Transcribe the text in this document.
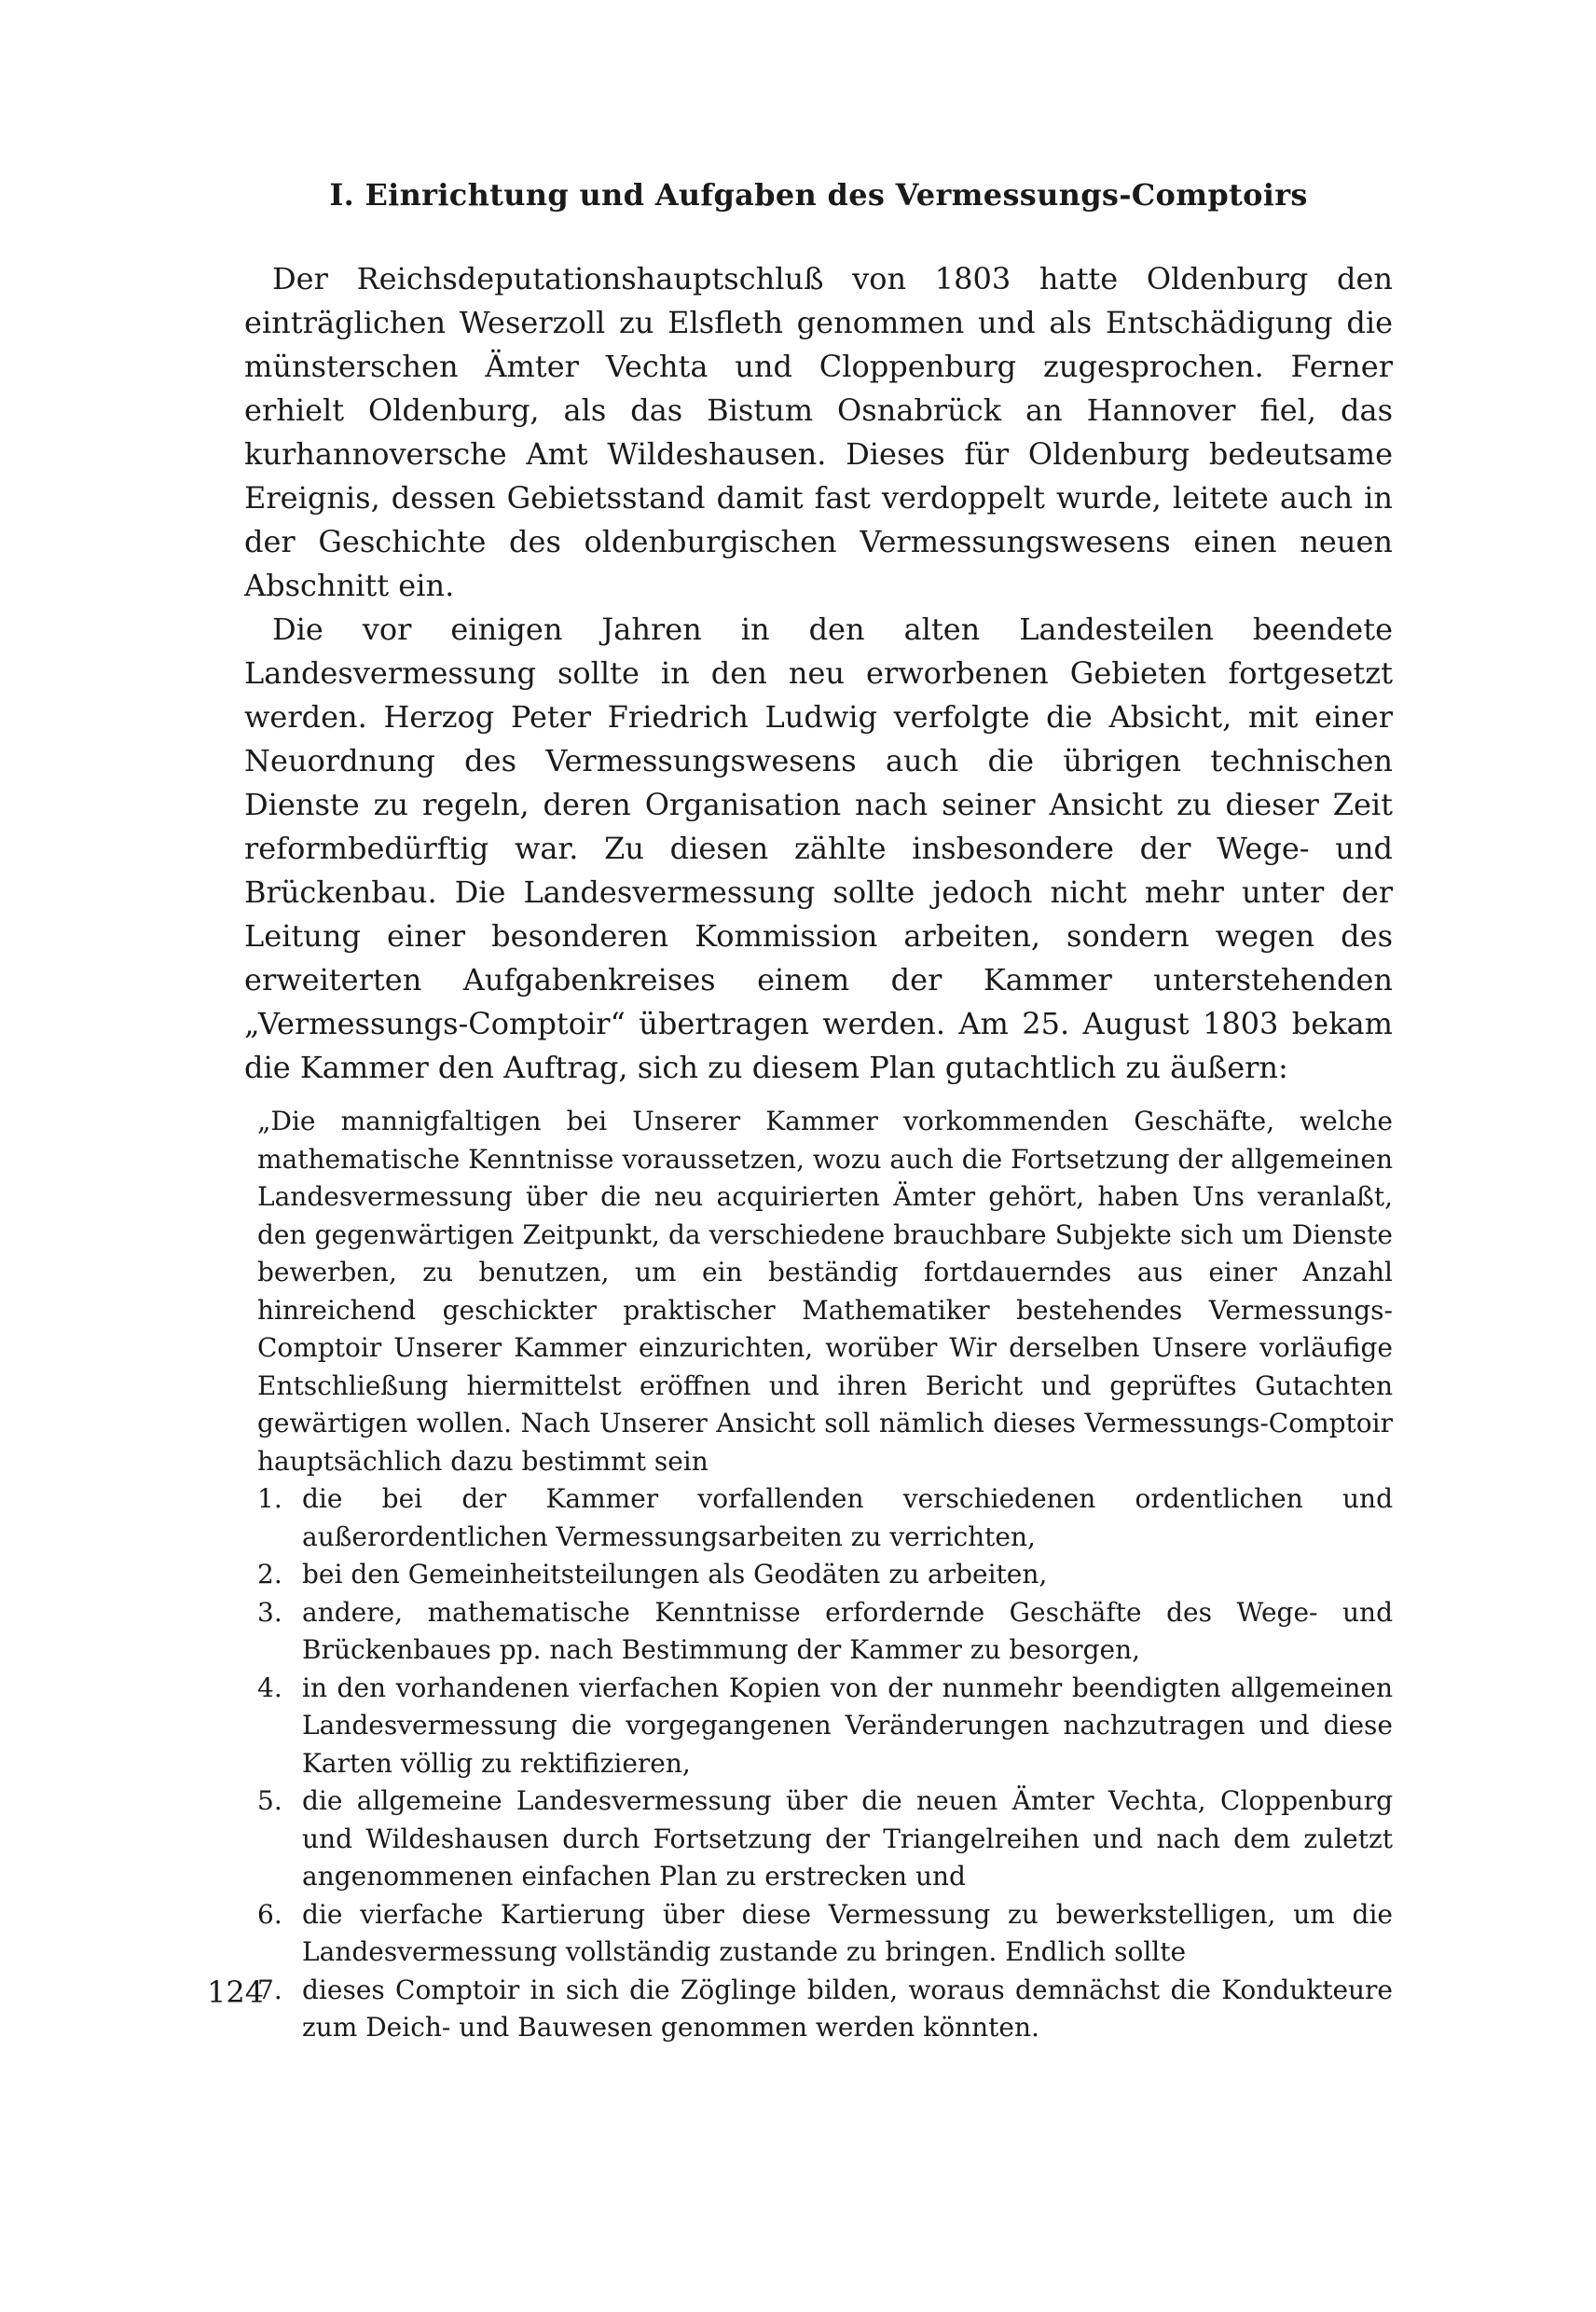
I. Einrichtung und Aufgaben des Vermessungs-Comptoirs

Der Reichsdeputationshauptschluß von 1803 hatte Oldenburg den einträglichen Weserzoll zu Elsfleth genommen und als Entschädigung die münsterschen Ämter Vechta und Cloppenburg zugesprochen. Ferner erhielt Oldenburg, als das Bistum Osnabrück an Hannover fiel, das kurhannoversche Amt Wildeshausen. Dieses für Oldenburg bedeutsame Ereignis, dessen Gebietsstand damit fast verdoppelt wurde, leitete auch in der Geschichte des oldenburgischen Vermessungswesens einen neuen Abschnitt ein.

Die vor einigen Jahren in den alten Landesteilen beendete Landesvermessung sollte in den neu erworbenen Gebieten fortgesetzt werden. Herzog Peter Friedrich Ludwig verfolgte die Absicht, mit einer Neuordnung des Vermessungswesens auch die übrigen technischen Dienste zu regeln, deren Organisation nach seiner Ansicht zu dieser Zeit reformbedürftig war. Zu diesen zählte insbesondere der Wege- und Brückenbau. Die Landesvermessung sollte jedoch nicht mehr unter der Leitung einer besonderen Kommission arbeiten, sondern wegen des erweiterten Aufgabenkreises einem der Kammer unterstehenden „Vermessungs-Comptoir“ übertragen werden. Am 25. August 1803 bekam die Kammer den Auftrag, sich zu diesem Plan gutachtlich zu äußern:

„Die mannigfaltigen bei Unserer Kammer vorkommenden Geschäfte, welche mathematische Kenntnisse voraussetzen, wozu auch die Fortsetzung der allgemeinen Landesvermessung über die neu acquirierten Ämter gehört, haben Uns veranlaßt, den gegenwärtigen Zeitpunkt, da verschiedene brauchbare Subjekte sich um Dienste bewerben, zu benutzen, um ein beständig fortdauerndes aus einer Anzahl hinreichend geschickter praktischer Mathematiker bestehendes Vermessungs-Comptoir Unserer Kammer einzurichten, worüber Wir derselben Unsere vorläufige Entschließung hiermittelst eröffnen und ihren Bericht und geprüftes Gutachten gewärtigen wollen. Nach Unserer Ansicht soll nämlich dieses Vermessungs-Comptoir hauptsächlich dazu bestimmt sein
1. die bei der Kammer vorfallenden verschiedenen ordentlichen und außerordentlichen Vermessungsarbeiten zu verrichten,
2. bei den Gemeinheitsteilungen als Geodäten zu arbeiten,
3. andere, mathematische Kenntnisse erfordernde Geschäfte des Wege- und Brückenbaues pp. nach Bestimmung der Kammer zu besorgen,
4. in den vorhandenen vierfachen Kopien von der nunmehr beendigten allgemeinen Landesvermessung die vorgegangenen Veränderungen nachzutragen und diese Karten völlig zu rektifizieren,
5. die allgemeine Landesvermessung über die neuen Ämter Vechta, Cloppenburg und Wildeshausen durch Fortsetzung der Triangelreihen und nach dem zuletzt angenommenen einfachen Plan zu erstrecken und
6. die vierfache Kartierung über diese Vermessung zu bewerkstelligen, um die Landesvermessung vollständig zustande zu bringen. Endlich sollte
7. dieses Comptoir in sich die Zöglinge bilden, woraus demnächst die Kondukteure zum Deich- und Bauwesen genommen werden könnten.
124
